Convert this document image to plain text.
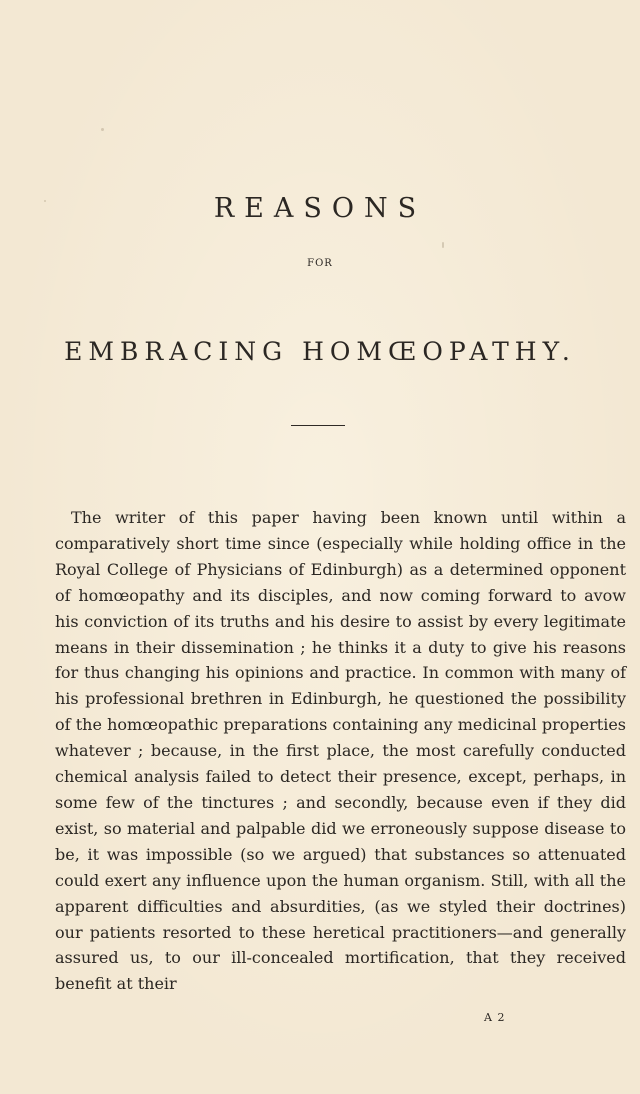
REASONS
FOR
EMBRACING HOMŒOPATHY.

The writer of this paper having been known until within a comparatively short time since (especially while holding office in the Royal College of Physicians of Edinburgh) as a determined opponent of homœopathy and its disciples, and now coming forward to avow his conviction of its truths and his desire to assist by every legitimate means in their dissemination ; he thinks it a duty to give his reasons for thus changing his opinions and practice. In common with many of his professional brethren in Edinburgh, he questioned the possibility of the homœopathic preparations containing any medicinal properties whatever ; because, in the first place, the most carefully conducted chemical analysis failed to detect their presence, except, perhaps, in some few of the tinctures ; and secondly, because even if they did exist, so material and palpable did we erroneously suppose disease to be, it was impossible (so we argued) that substances so attenuated could exert any influence upon the human organism. Still, with all the apparent difficulties and absurdities, (as we styled their doctrines) our patients resorted to these heretical practitioners—and generally assured us, to our ill-concealed mortification, that they received benefit at their

A 2
